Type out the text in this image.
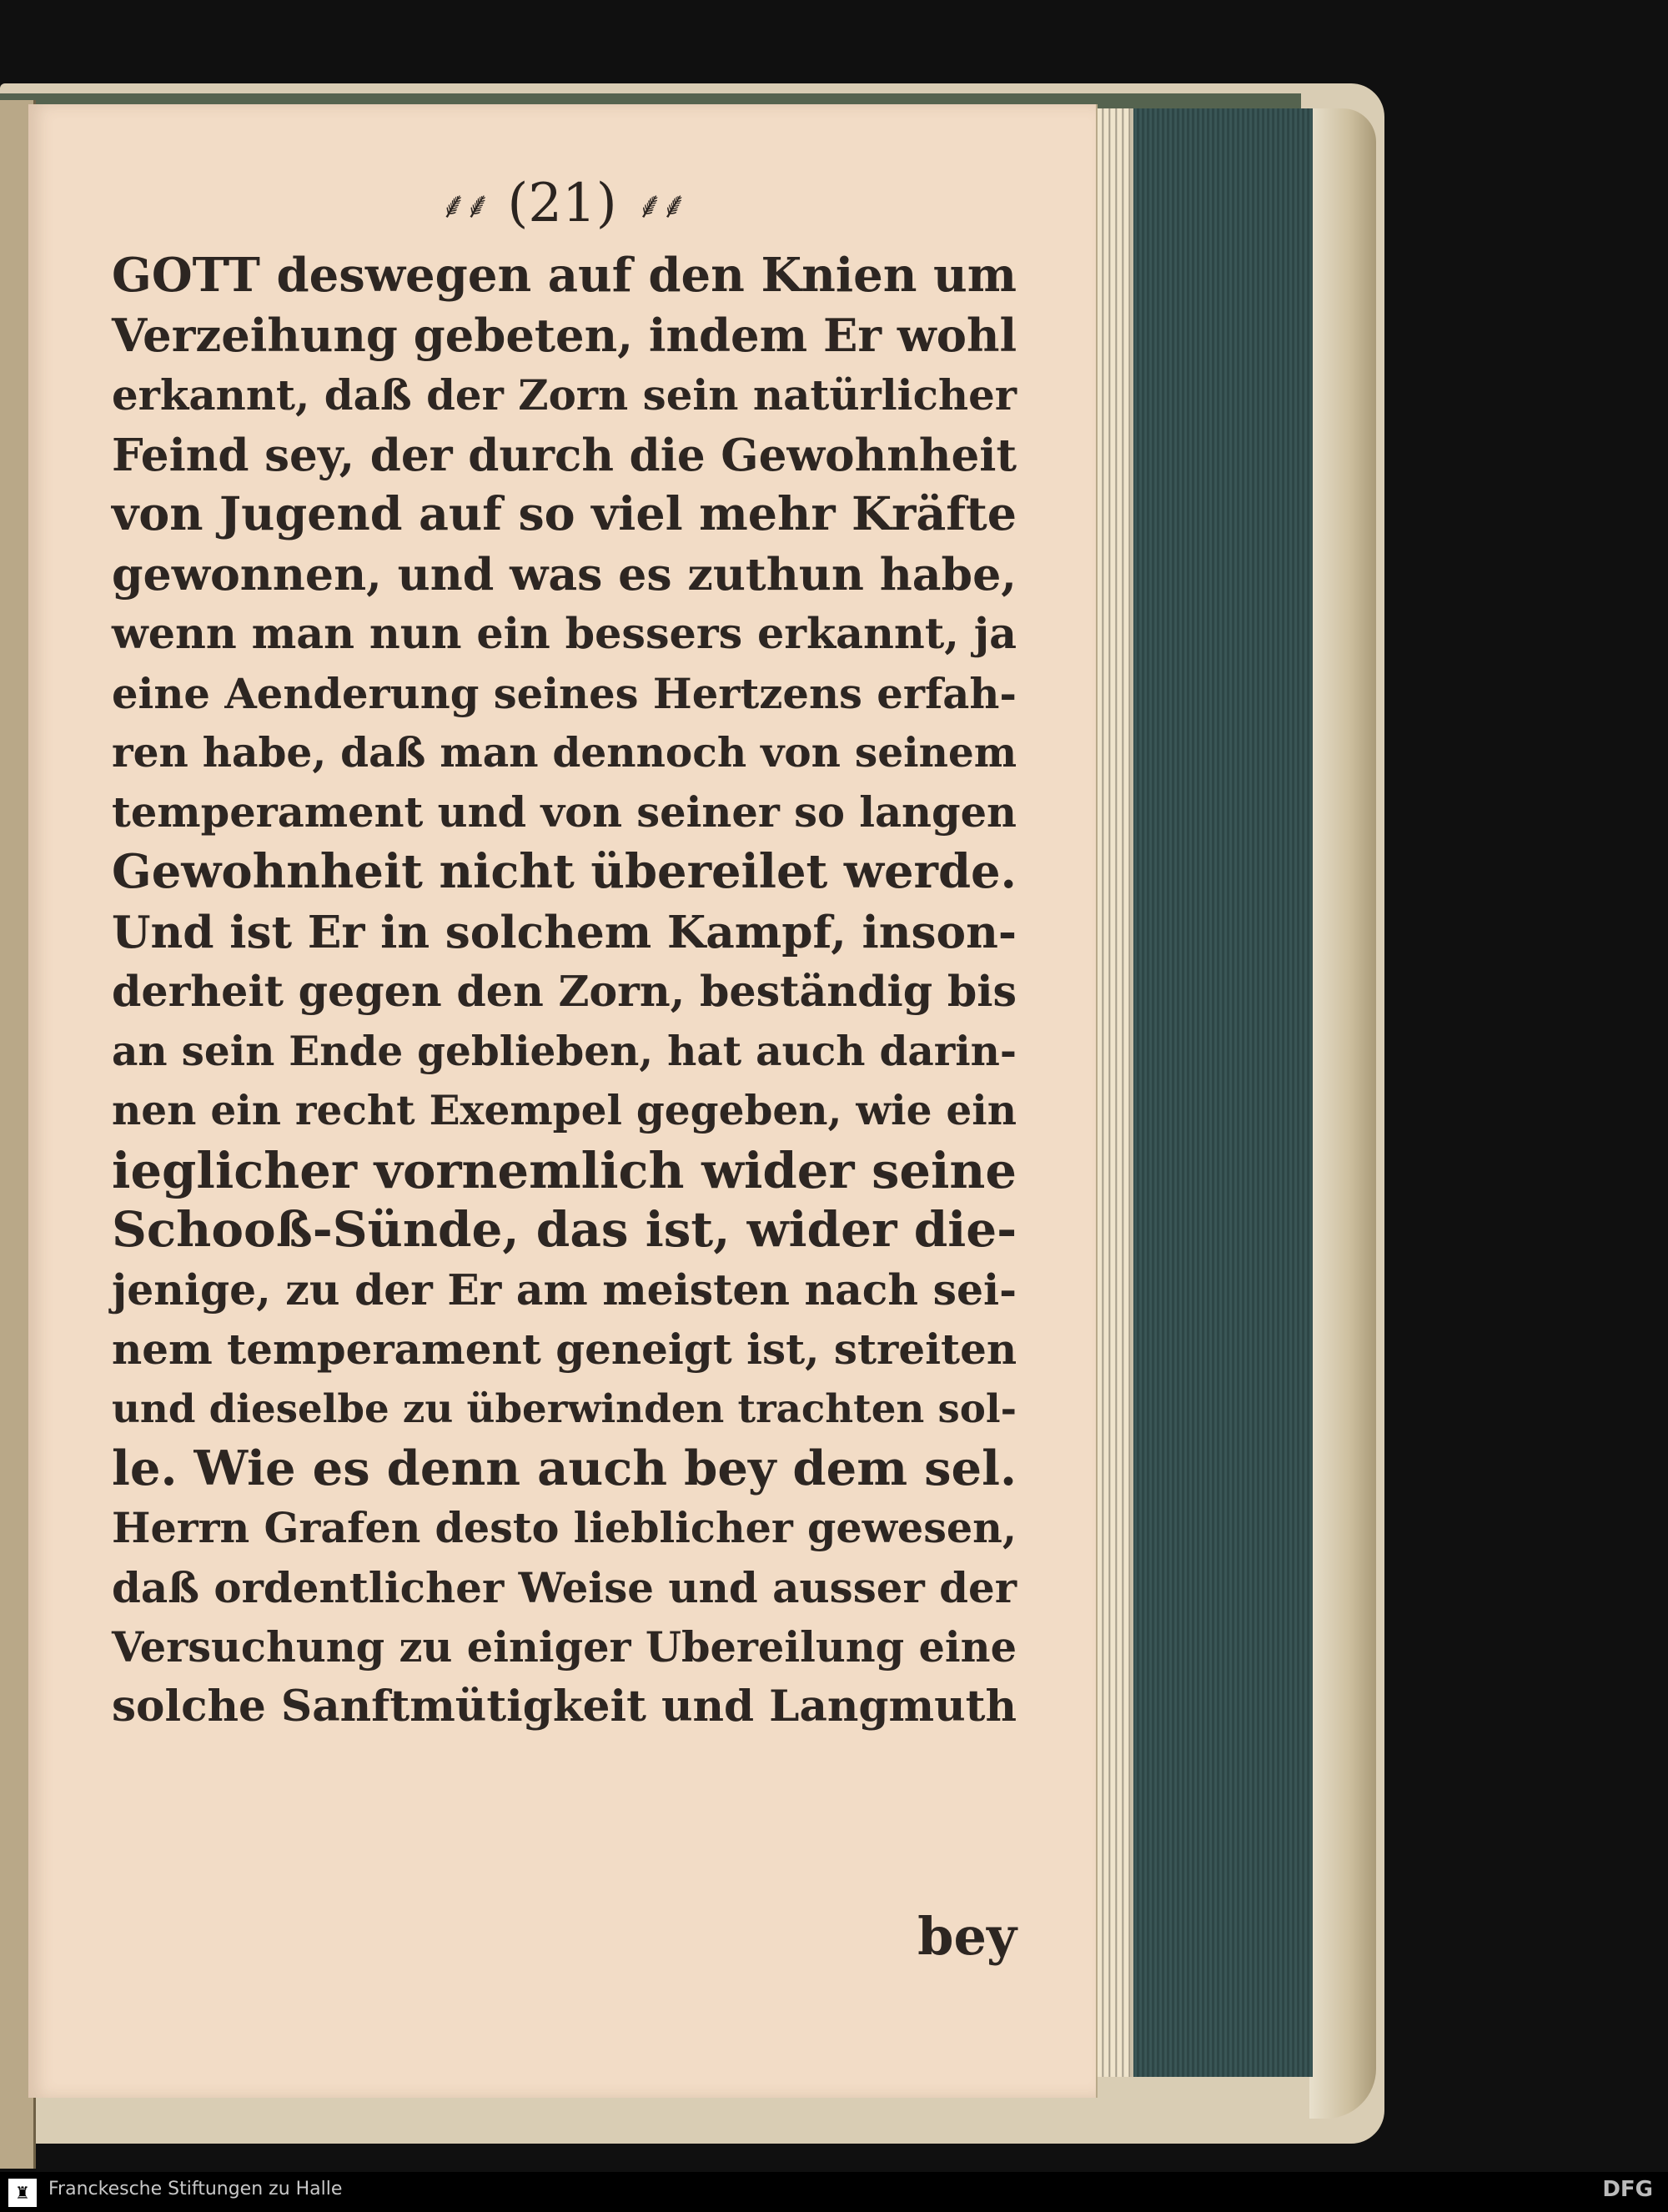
⸙⸙ (21) ⸙⸙
GOTT deswegen auf den Knien um
Verzeihung gebeten, indem Er wohl
erkannt, daß der Zorn sein natürlicher
Feind sey, der durch die Gewohnheit
von Jugend auf so viel mehr Kräfte
gewonnen, und was es zuthun habe,
wenn man nun ein bessers erkannt, ja
eine Aenderung seines Hertzens erfah-
ren habe, daß man dennoch von seinem
temperament und von seiner so langen
Gewohnheit nicht übereilet werde.
Und ist Er in solchem Kampf, inson-
derheit gegen den Zorn, beständig bis
an sein Ende geblieben, hat auch darin-
nen ein recht Exempel gegeben, wie ein
ieglicher vornemlich wider seine
Schooß-Sünde, das ist, wider die-
jenige, zu der Er am meisten nach sei-
nem temperament geneigt ist, streiten
und dieselbe zu überwinden trachten sol-
le. Wie es denn auch bey dem sel.
Herrn Grafen desto lieblicher gewesen,
daß ordentlicher Weise und ausser der
Versuchung zu einiger Ubereilung eine
solche Sanftmütigkeit und Langmuth
bey
♜	Franckesche Stiftungen zu Halle	DFG
